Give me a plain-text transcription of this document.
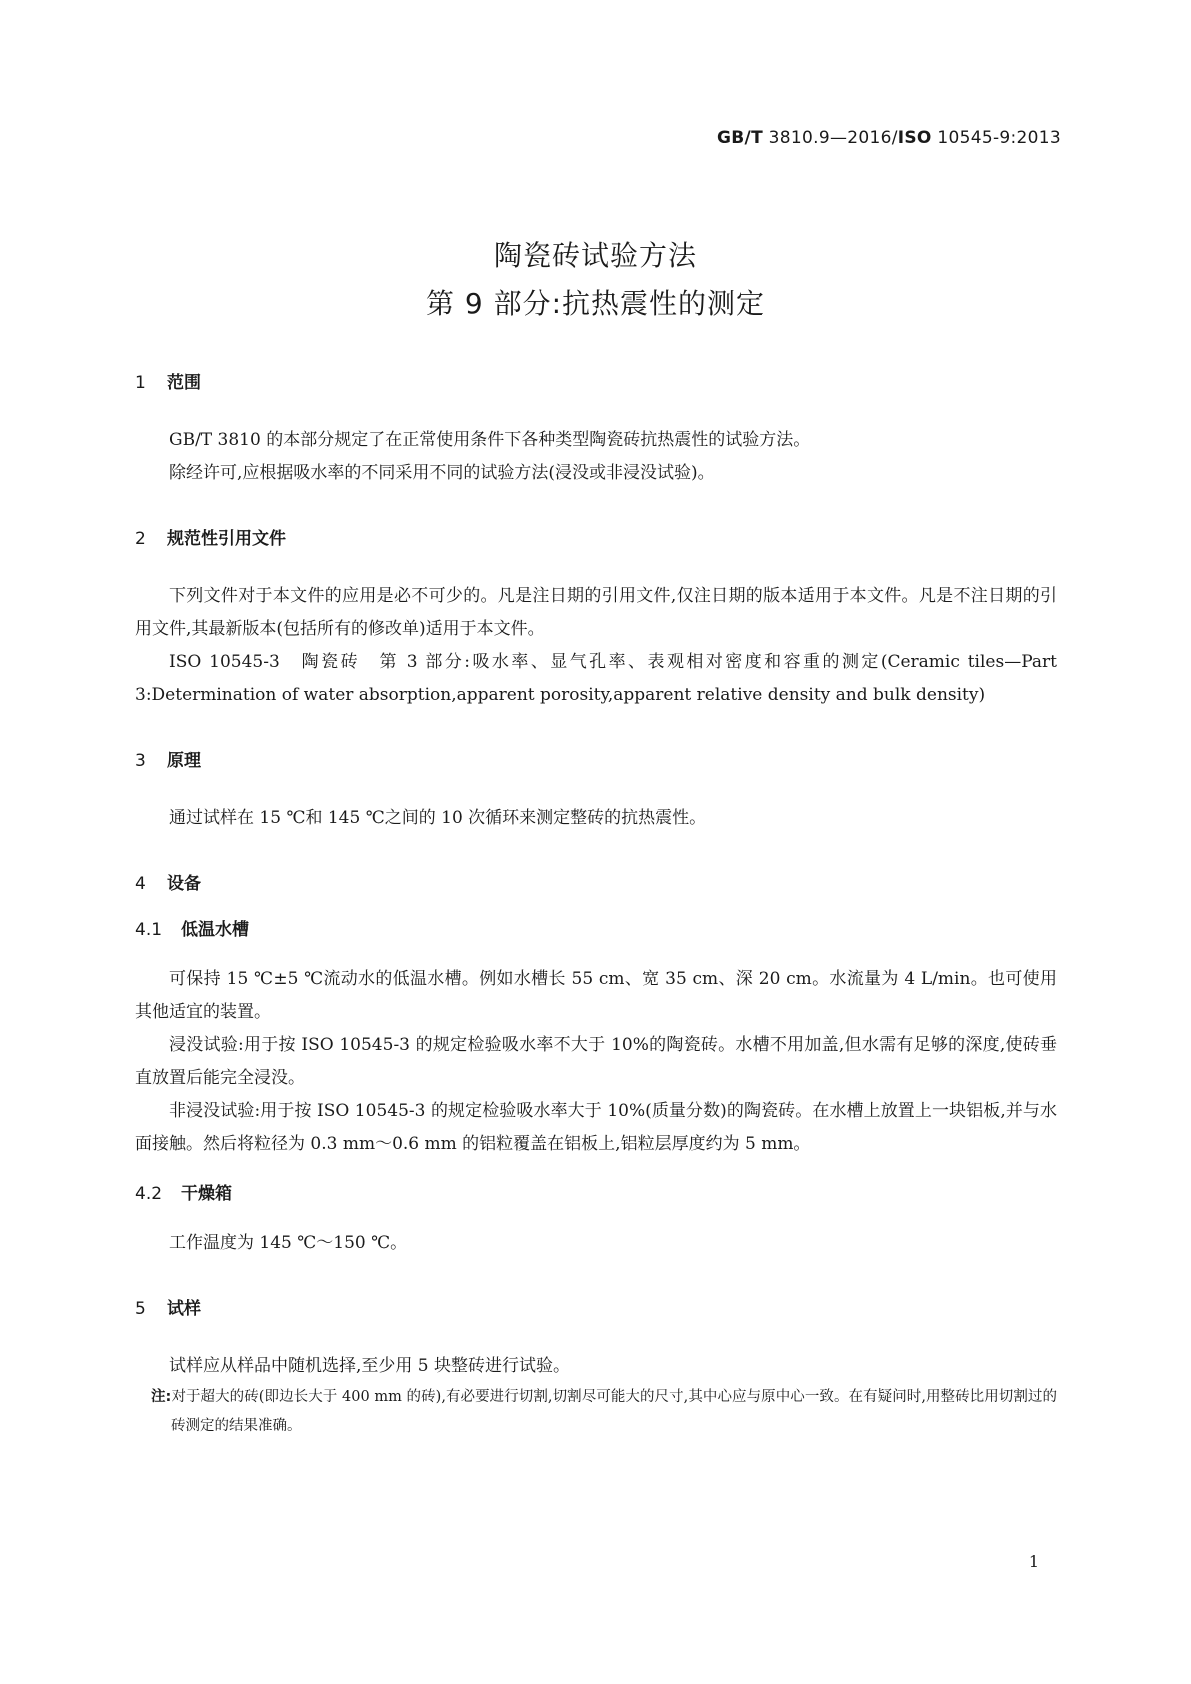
GB/T 3810.9—2016/ISO 10545-9:2013
陶瓷砖试验方法
第 9 部分:抗热震性的测定
1 范围

GB/T 3810 的本部分规定了在正常使用条件下各种类型陶瓷砖抗热震性的试验方法。

除经许可,应根据吸水率的不同采用不同的试验方法(浸没或非浸没试验)。

2 规范性引用文件

下列文件对于本文件的应用是必不可少的。凡是注日期的引用文件,仅注日期的版本适用于本文件。凡是不注日期的引用文件,其最新版本(包括所有的修改单)适用于本文件。

ISO 10545-3　陶瓷砖　第 3 部分:吸水率、显气孔率、表观相对密度和容重的测定(Ceramic tiles—Part 3:Determination of water absorption,apparent porosity,apparent relative density and bulk density)

3 原理

通过试样在 15 ℃和 145 ℃之间的 10 次循环来测定整砖的抗热震性。

4 设备
4.1 低温水槽

可保持 15 ℃±5 ℃流动水的低温水槽。例如水槽长 55 cm、宽 35 cm、深 20 cm。水流量为 4 L/min。也可使用其他适宜的装置。

浸没试验:用于按 ISO 10545-3 的规定检验吸水率不大于 10%的陶瓷砖。水槽不用加盖,但水需有足够的深度,使砖垂直放置后能完全浸没。

非浸没试验:用于按 ISO 10545-3 的规定检验吸水率大于 10%(质量分数)的陶瓷砖。在水槽上放置上一块铝板,并与水面接触。然后将粒径为 0.3 mm～0.6 mm 的铝粒覆盖在铝板上,铝粒层厚度约为 5 mm。

4.2 干燥箱

工作温度为 145 ℃～150 ℃。

5 试样

试样应从样品中随机选择,至少用 5 块整砖进行试验。

注:对于超大的砖(即边长大于 400 mm 的砖),有必要进行切割,切割尽可能大的尺寸,其中心应与原中心一致。在有疑问时,用整砖比用切割过的砖测定的结果准确。

1
